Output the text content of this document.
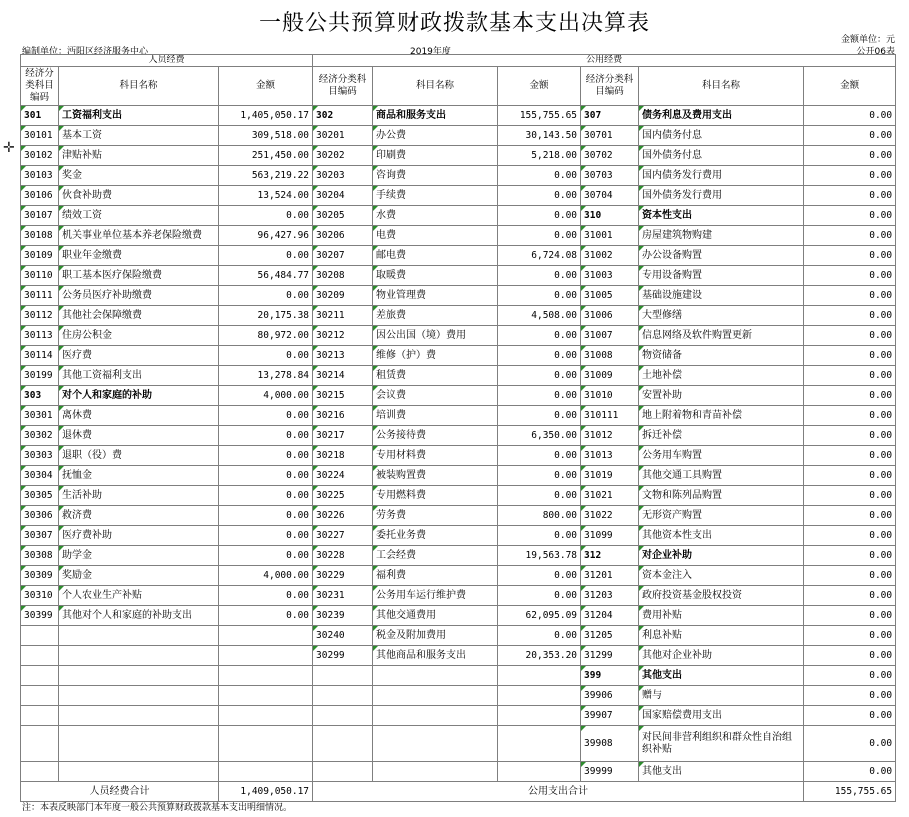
一般公共预算财政拨款基本支出决算表
金额单位：元
编制单位：沔阳区经济服务中心	2019年度	公开06表
✛
人员经费			公用经费					
经济分类科目编码	科目名称	金额	经济分类科目编码	科目名称	金额	经济分类科目编码	科目名称	金额
301	工资福利支出	1,405,050.17	302	商品和服务支出	155,755.65	307	债务利息及费用支出	0.00
30101	基本工资	309,518.00	30201	办公费	30,143.50	30701	国内债务付息	0.00
30102	津贴补贴	251,450.00	30202	印刷费	5,218.00	30702	国外债务付息	0.00
30103	奖金	563,219.22	30203	咨询费	0.00	30703	国内债务发行费用	0.00
30106	伙食补助费	13,524.00	30204	手续费	0.00	30704	国外债务发行费用	0.00
30107	绩效工资	0.00	30205	水费	0.00	310	资本性支出	0.00
30108	机关事业单位基本养老保险缴费	96,427.96	30206	电费	0.00	31001	房屋建筑物购建	0.00
30109	职业年金缴费	0.00	30207	邮电费	6,724.08	31002	办公设备购置	0.00
30110	职工基本医疗保险缴费	56,484.77	30208	取暖费	0.00	31003	专用设备购置	0.00
30111	公务员医疗补助缴费	0.00	30209	物业管理费	0.00	31005	基础设施建设	0.00
30112	其他社会保障缴费	20,175.38	30211	差旅费	4,508.00	31006	大型修缮	0.00
30113	住房公积金	80,972.00	30212	因公出国（境）费用	0.00	31007	信息网络及软件购置更新	0.00
30114	医疗费	0.00	30213	维修（护）费	0.00	31008	物资储备	0.00
30199	其他工资福利支出	13,278.84	30214	租赁费	0.00	31009	土地补偿	0.00
303	对个人和家庭的补助	4,000.00	30215	会议费	0.00	31010	安置补助	0.00
30301	离休费	0.00	30216	培训费	0.00	310111	地上附着物和青苗补偿	0.00
30302	退休费	0.00	30217	公务接待费	6,350.00	31012	拆迁补偿	0.00
30303	退职（役）费	0.00	30218	专用材料费	0.00	31013	公务用车购置	0.00
30304	抚恤金	0.00	30224	被装购置费	0.00	31019	其他交通工具购置	0.00
30305	生活补助	0.00	30225	专用燃料费	0.00	31021	文物和陈列品购置	0.00
30306	救济费	0.00	30226	劳务费	800.00	31022	无形资产购置	0.00
30307	医疗费补助	0.00	30227	委托业务费	0.00	31099	其他资本性支出	0.00
30308	助学金	0.00	30228	工会经费	19,563.78	312	对企业补助	0.00
30309	奖励金	4,000.00	30229	福利费	0.00	31201	资本金注入	0.00
30310	个人农业生产补贴	0.00	30231	公务用车运行维护费	0.00	31203	政府投资基金股权投资	0.00
30399	其他对个人和家庭的补助支出	0.00	30239	其他交通费用	62,095.09	31204	费用补贴	0.00
			30240	税金及附加费用	0.00	31205	利息补贴	0.00
			30299	其他商品和服务支出	20,353.20	31299	其他对企业补助	0.00
						399	其他支出	0.00
						39906	赠与	0.00
						39907	国家赔偿费用支出	0.00
						39908	对民间非营利组织和群众性自治组织补贴	0.00
						39999	其他支出	0.00
人员经费合计		1,409,050.17	公用支出合计					155,755.65
注：本表反映部门本年度一般公共预算财政拨款基本支出明细情况。
